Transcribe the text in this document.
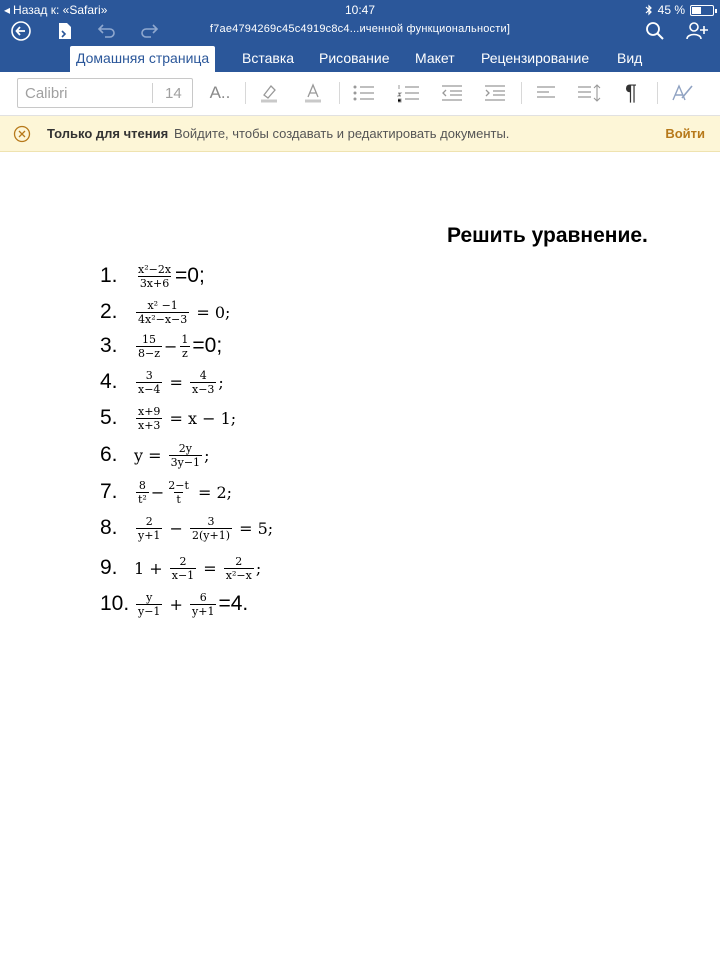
◂ Назад к: «Safari»	10:47	45 %
f7ae4794269c45c4919c8c4...иченной функциональности]
Домашняя страница	Вставка	Рисование	Макет	Рецензирование	Вид
Calibri	14	A..	¶
Только для чтения Войдите, чтобы создавать и редактировать документы.	Войти
Решить уравнение.
1.	$\frac{\text{x²−2x}}{3x+6} =0$;
2.	$\frac{\text{x² −1}}{\text{4x²−x−3}} = 0$;
3.	$\frac{15}{8-z} - \frac{1}{z} =0$;
4.	$\frac{3}{x-4} = \frac{4}{x-3}$ ;
5.	$\frac{x+9}{x+3} = x - 1$;
6.	$y = \frac{2y}{3y-1}$ ;
7.	$\frac{8}{\text{t²}} - \frac{2-t}{t} = 2$;
8.	$\frac{2}{y+1} - \frac{3}{2(y+1)} = 5$;
9.	$1 + \frac{2}{x-1} = \frac{2}{\text{x²−x}}$ ;
10. $\frac{y}{y-1} + \frac{6}{y+1} =4$.
